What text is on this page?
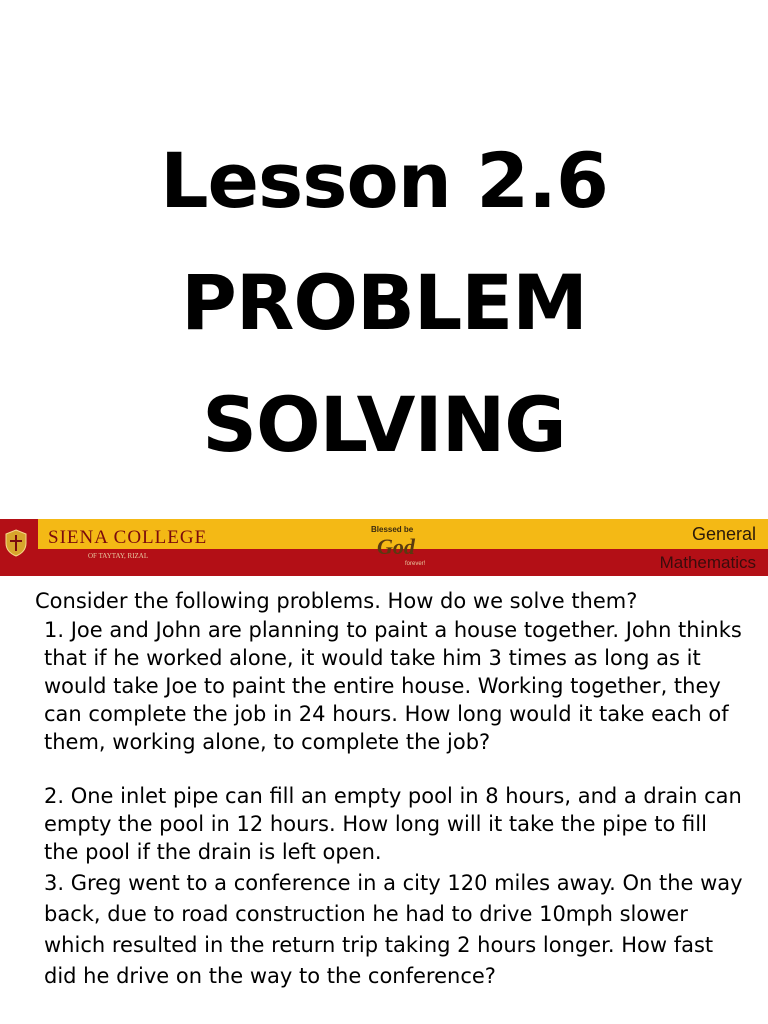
Lesson 2.6
PROBLEM
SOLVING
SIENA COLLEGE
OF TAYTAY, RIZAL
Blessed be
God
forever!
General
Mathematics
Consider the following problems. How do we solve them?
1. Joe and John are planning to paint a house together. John thinks that if he worked alone, it would take him 3 times as long as it would take Joe to paint the entire house. Working together, they can complete the job in 24 hours. How long would it take each of them, working alone, to complete the job?
2. One inlet pipe can fill an empty pool in 8 hours, and a drain can empty the pool in 12 hours. How long will it take the pipe to fill the pool if the drain is left open.
3. Greg went to a conference in a city 120 miles away. On the way back, due to road construction he had to drive 10mph slower which resulted in the return trip taking 2 hours longer. How fast did he drive on the way to the conference?
